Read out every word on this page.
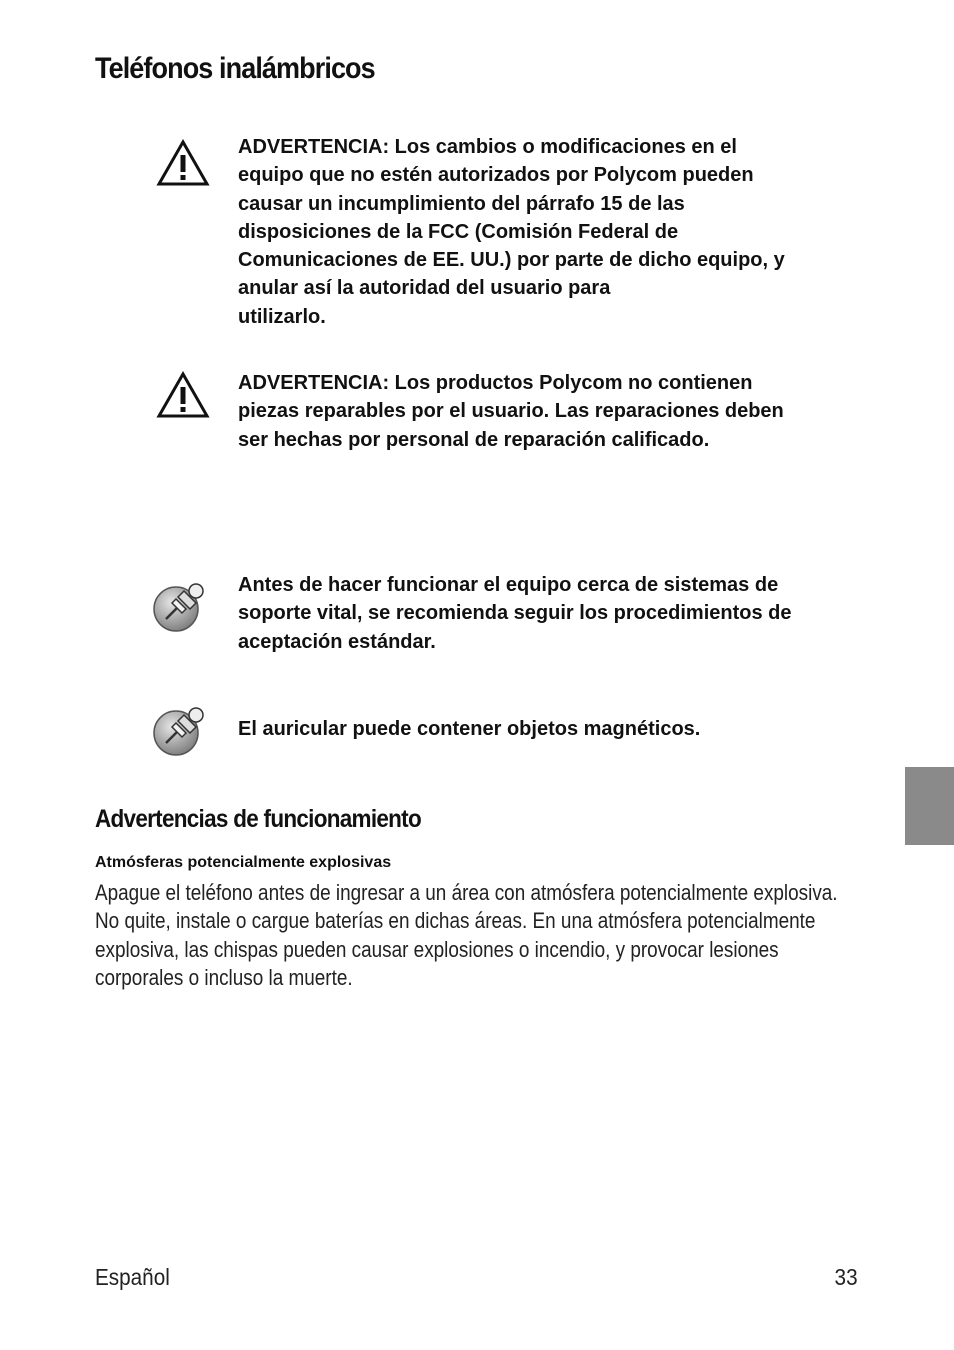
Teléfonos inalámbricos

ADVERTENCIA: Los cambios o modificaciones en el
equipo que no estén autorizados por Polycom pueden
causar un incumplimiento del párrafo 15 de las
disposiciones de la FCC (Comisión Federal de
Comunicaciones de EE. UU.) por parte de dicho equipo, y
anular así la autoridad del usuario para
utilizarlo.

ADVERTENCIA: Los productos Polycom no contienen
piezas reparables por el usuario. Las reparaciones deben
ser hechas por personal de reparación calificado.

Antes de hacer funcionar el equipo cerca de sistemas de
soporte vital, se recomienda seguir los procedimientos de
aceptación estándar.

El auricular puede contener objetos magnéticos.

Advertencias de funcionamiento
Atmósferas potencialmente explosivas

Apague el teléfono antes de ingresar a un área con atmósfera potencialmente explosiva. No quite, instale o cargue baterías en dichas áreas. En una atmósfera potencialmente explosiva, las chispas pueden causar explosiones o incendio, y provocar lesiones corporales o incluso la muerte.

Español	33
